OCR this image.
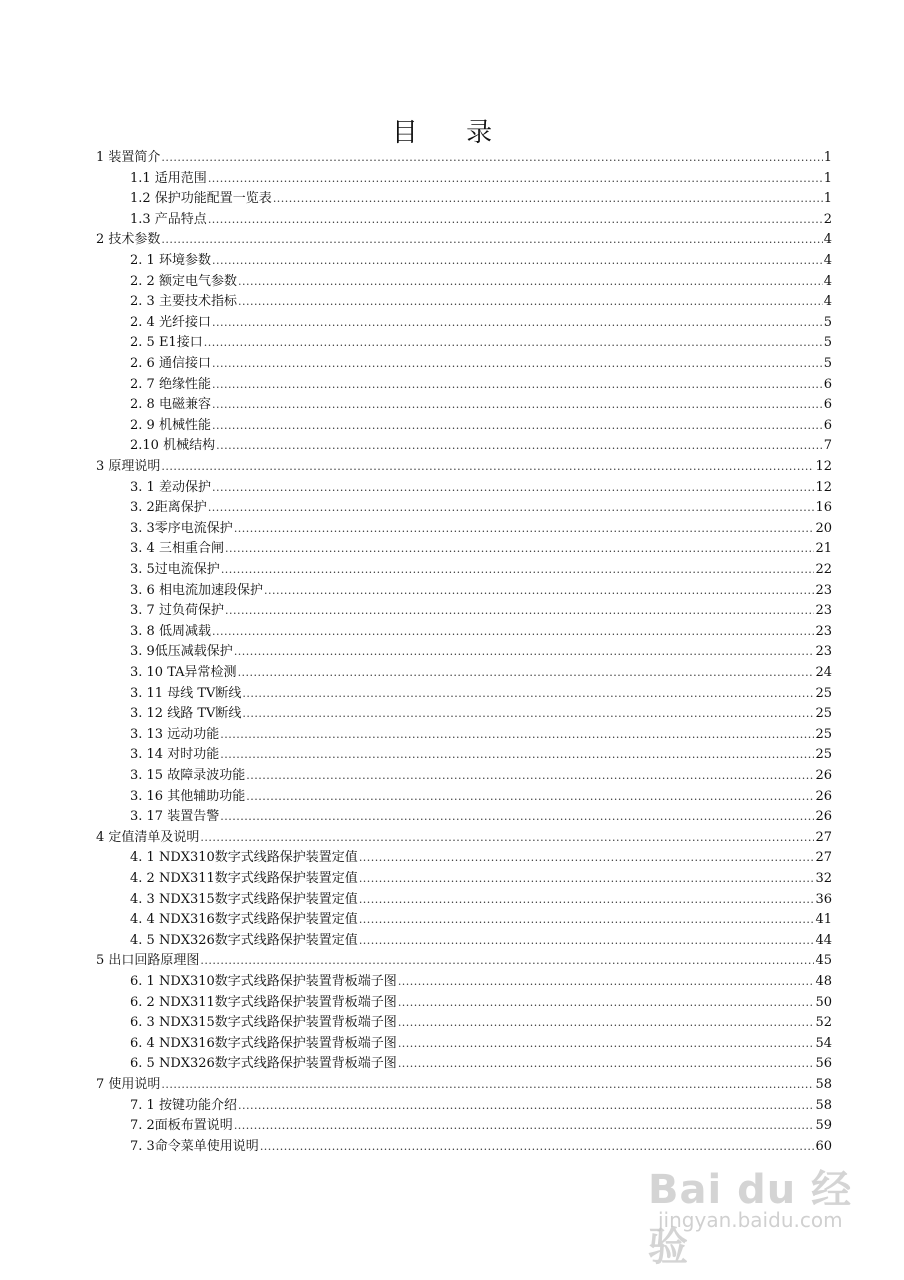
目 录
1 装置简介 .....	1
1.1 适用范围 .....	1
1.2 保护功能配置一览表 .....	1
1.3 产品特点 .....	2
2 技术参数 .....	4
2. 1 环境参数 .....	4
2. 2 额定电气参数 .....	4
2. 3 主要技术指标 .....	4
2. 4 光纤接口 .....	5
2. 5 E1接口 .....	5
2. 6 通信接口 .....	5
2. 7 绝缘性能 .....	6
2. 8 电磁兼容 .....	6
2. 9 机械性能 .....	6
2.10 机械结构 .....	7
3 原理说明 .....	12
3. 1 差动保护 .....	12
3. 2距离保护 .....	16
3. 3零序电流保护 .....	20
3. 4 三相重合闸 .....	21
3. 5过电流保护 .....	22
3. 6 相电流加速段保护 .....	23
3. 7 过负荷保护 .....	23
3. 8 低周减载 .....	23
3. 9低压减载保护 .....	23
3. 10 TA异常检测 .....	24
3. 11 母线 TV断线 .....	25
3. 12 线路 TV断线 .....	25
3. 13 远动功能 .....	25
3. 14 对时功能 .....	25
3. 15 故障录波功能 .....	26
3. 16 其他辅助功能 .....	26
3. 17 装置告警 .....	26
4 定值清单及说明 .....	27
4. 1 NDX310数字式线路保护装置定值 .....	27
4. 2 NDX311数字式线路保护装置定值 .....	32
4. 3 NDX315数字式线路保护装置定值 .....	36
4. 4 NDX316数字式线路保护装置定值 .....	41
4. 5 NDX326数字式线路保护装置定值 .....	44
5 出口回路原理图 .....	45
6. 1 NDX310数字式线路保护装置背板端子图 .....	48
6. 2 NDX311数字式线路保护装置背板端子图 .....	50
6. 3 NDX315数字式线路保护装置背板端子图 .....	52
6. 4 NDX316数字式线路保护装置背板端子图 .....	54
6. 5 NDX326数字式线路保护装置背板端子图 .....	56
7 使用说明 .....	58
7. 1 按键功能介绍 .....	58
7. 2面板布置说明 .....	59
7. 3命令菜单使用说明 .....	60
Bai du 经验
jingyan.baidu.com
